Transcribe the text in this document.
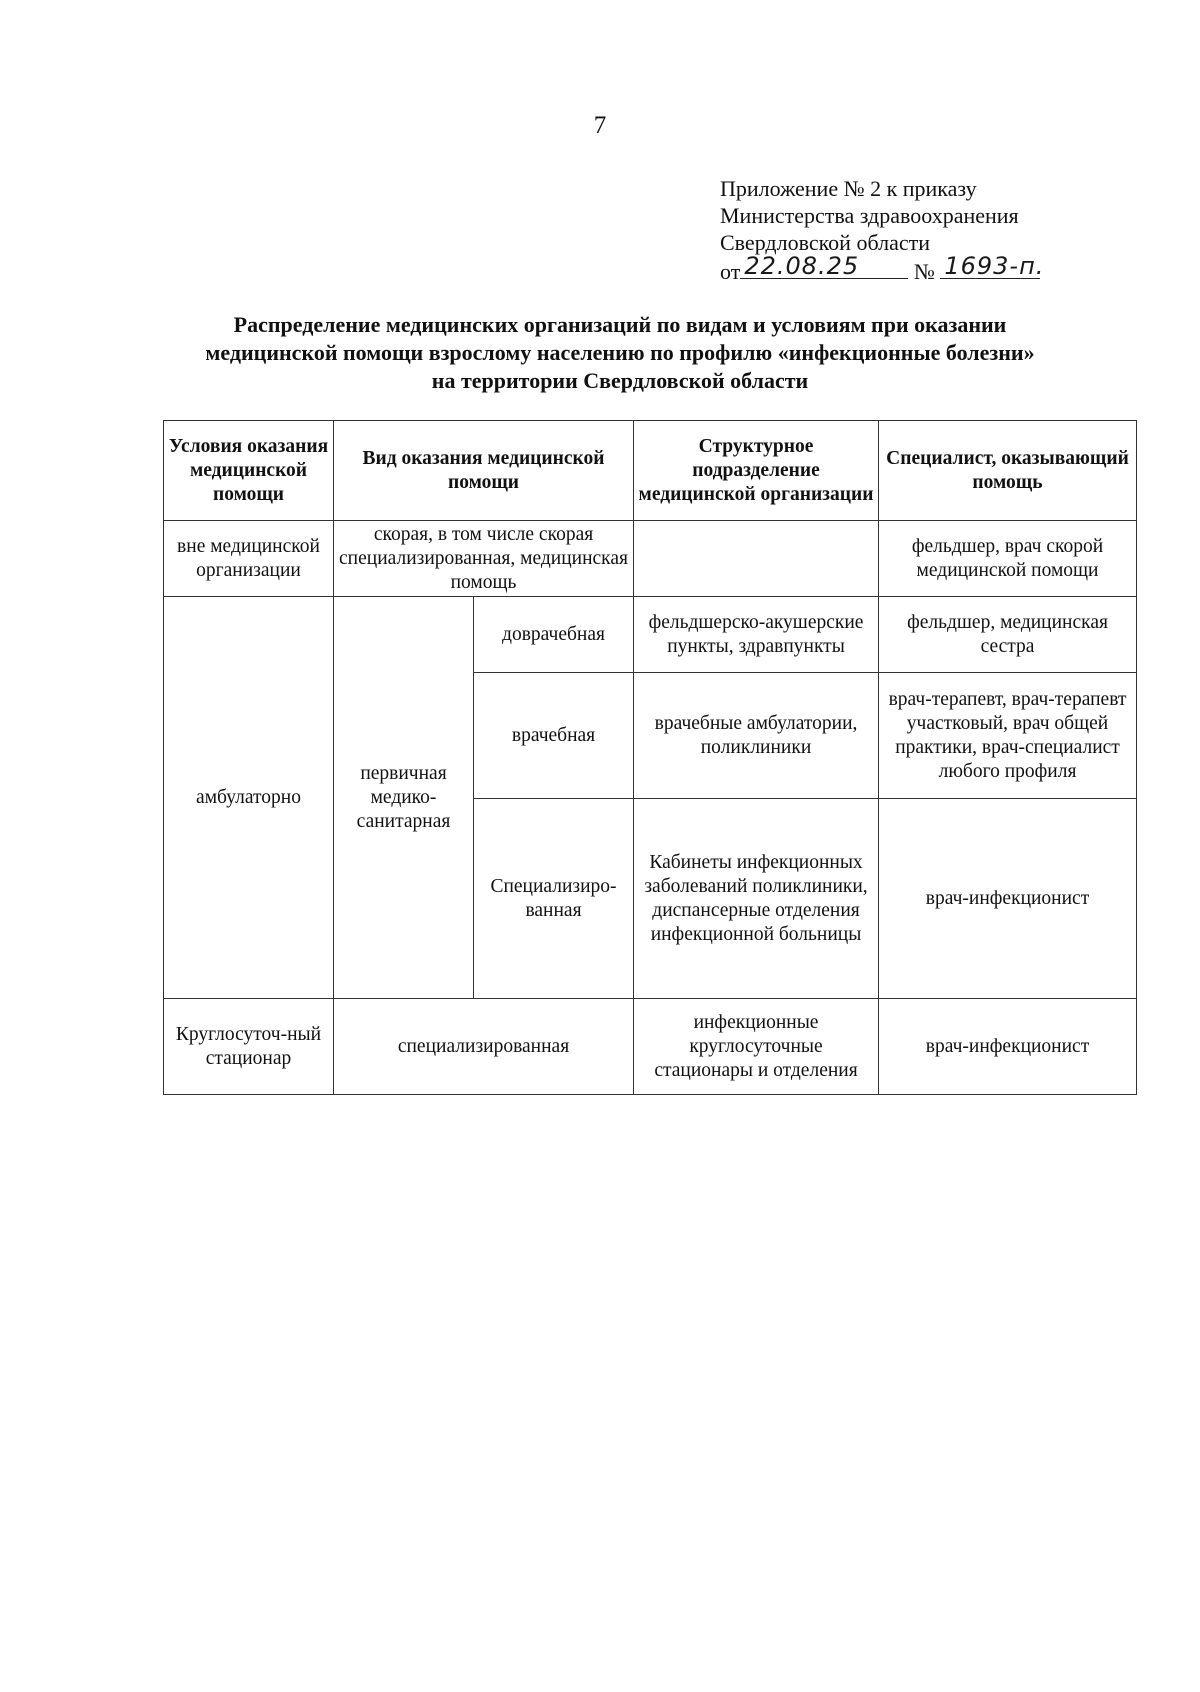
7
Приложение № 2 к приказу
Министерства здравоохранения
Свердловской области
от 22.08.25 № 1693-п.
Распределение медицинских организаций по видам и условиям при оказании
медицинской помощи взрослому населению по профилю «инфекционные болезни»
на территории Свердловской области
Условия оказания медицинской помощи	Вид оказания медицинской помощи		Структурное подразделение медицинской организации	Специалист, оказывающий помощь
вне медицинской организации	скорая, в том числе скорая специализированная, медицинская помощь			фельдшер, врач скорой медицинской помощи
амбулаторно	первичная медико-санитарная	доврачебная	фельдшерско-акушерские пункты, здравпункты	фельдшер, медицинская сестра
		врачебная	врачебные амбулатории, поликлиники	врач-терапевт, врач-терапевт участковый, врач общей практики, врач-специалист любого профиля
		Специализиро-ванная	Кабинеты инфекционных заболеваний поликлиники, диспансерные отделения инфекционной больницы	врач-инфекционист
Круглосуточ-ный стационар	специализированная		инфекционные круглосуточные стационары и отделения	врач-инфекционист
